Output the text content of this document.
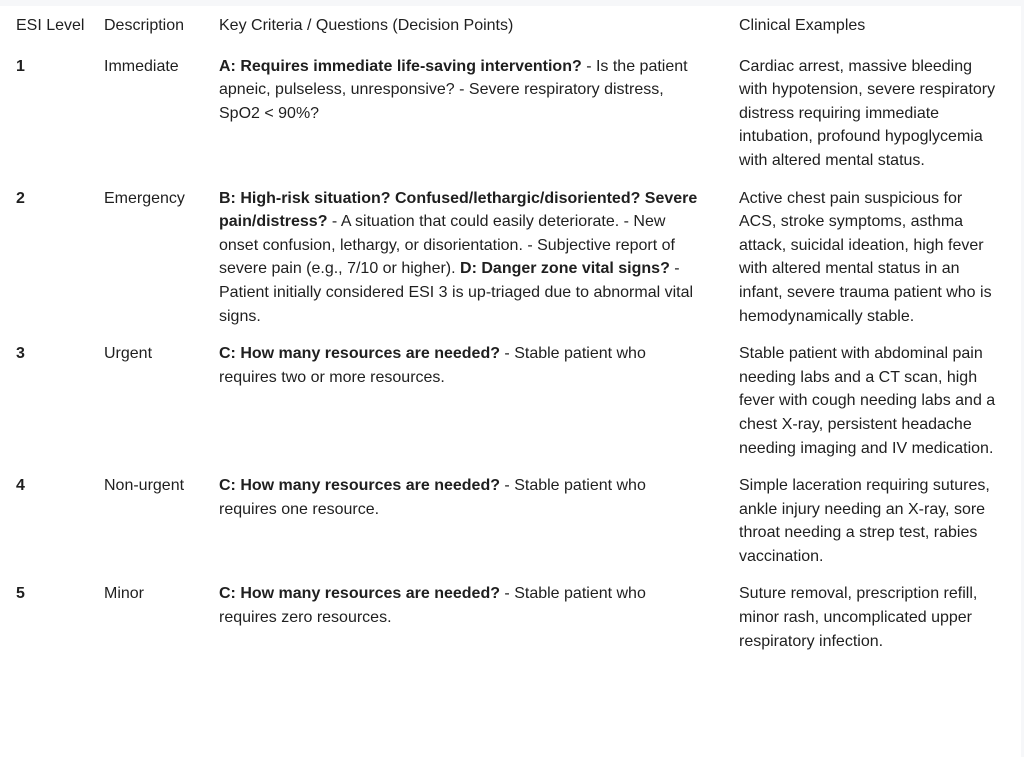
ESI Level	Description	Key Criteria / Questions (Decision Points)	Clinical Examples
1	Immediate	A: Requires immediate life-saving intervention? - Is the patient apneic, pulseless, unresponsive? - Severe respiratory distress, SpO2 < 90%?	Cardiac arrest, massive bleeding with hypotension, severe respiratory distress requiring immediate intubation, profound hypoglycemia with altered mental status.
2	Emergency	B: High-risk situation? Confused/lethargic/disoriented? Severe pain/distress? - A situation that could easily deteriorate. - New onset confusion, lethargy, or disorientation. - Subjective report of severe pain (e.g., 7/10 or higher). D: Danger zone vital signs? - Patient initially considered ESI 3 is up-triaged due to abnormal vital signs.	Active chest pain suspicious for ACS, stroke symptoms, asthma attack, suicidal ideation, high fever with altered mental status in an infant, severe trauma patient who is hemodynamically stable.
3	Urgent	C: How many resources are needed? - Stable patient who requires two or more resources.	Stable patient with abdominal pain needing labs and a CT scan, high fever with cough needing labs and a chest X-ray, persistent headache needing imaging and IV medication.
4	Non-urgent	C: How many resources are needed? - Stable patient who requires one resource.	Simple laceration requiring sutures, ankle injury needing an X-ray, sore throat needing a strep test, rabies vaccination.
5	Minor	C: How many resources are needed? - Stable patient who requires zero resources.	Suture removal, prescription refill, minor rash, uncomplicated upper respiratory infection.
